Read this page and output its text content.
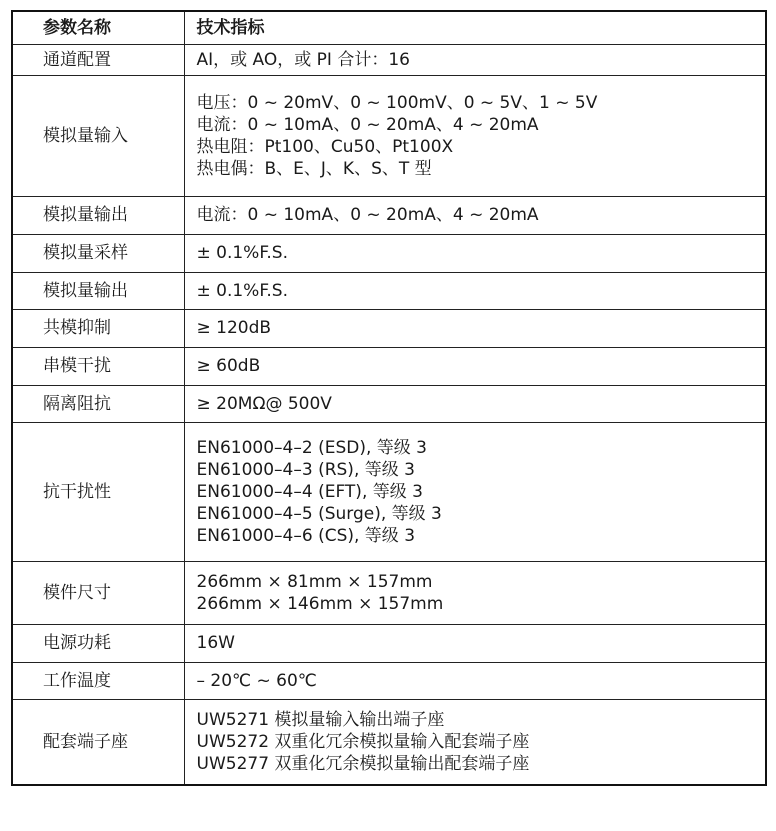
参数名称	技术指标
通道配置	AI，或 AO，或 PI 合计：16

模拟量输入	电压：0 ~ 20mV、0 ~ 100mV、0 ~ 5V、1 ~ 5V
电流：0 ~ 10mA、0 ~ 20mA、4 ~ 20mA
热电阻：Pt100、Cu50、Pt100X
热电偶：B、E、J、K、S、T 型

模拟量输出	电流：0 ~ 10mA、0 ~ 20mA、4 ~ 20mA

模拟量采样	± 0.1%F.S.

模拟量输出	± 0.1%F.S.

共模抑制	≥ 120dB

串模干扰	≥ 60dB

隔离阻抗	≥ 20MΩ@ 500V

抗干扰性	EN61000–4–2 (ESD), 等级 3
EN61000–4–3 (RS), 等级 3
EN61000–4–4 (EFT), 等级 3
EN61000–4–5 (Surge), 等级 3
EN61000–4–6 (CS), 等级 3

模件尺寸	266mm × 81mm × 157mm
266mm × 146mm × 157mm

电源功耗	16W

工作温度	– 20℃ ~ 60℃

配套端子座	UW5271 模拟量输入输出端子座
UW5272 双重化冗余模拟量输入配套端子座
UW5277 双重化冗余模拟量输出配套端子座
